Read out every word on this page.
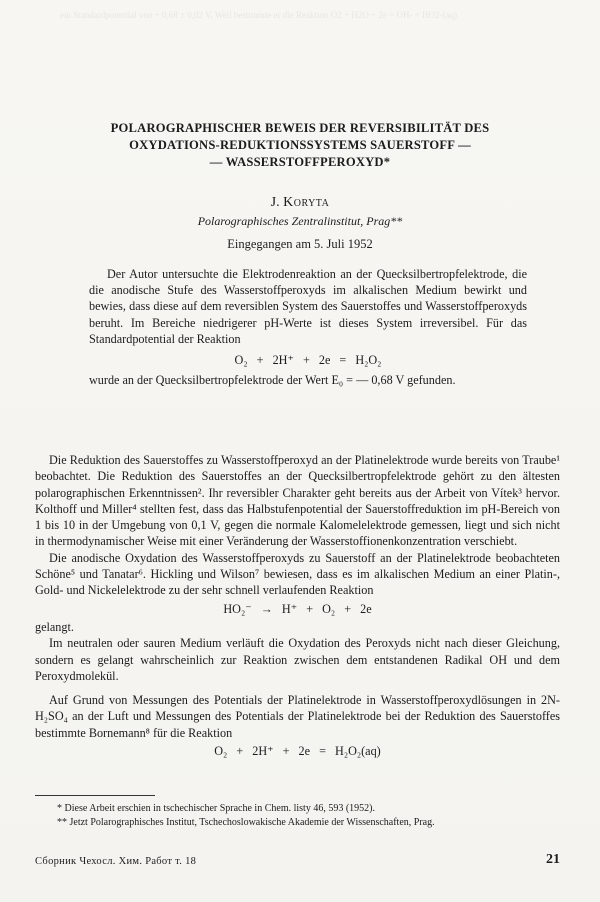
ein Standardpotential von + 0,68 ± 0,02 V. Weil bestimmte er die Reaktion O2 + H2O + 2e = OH- + HO2-(aq)
POLAROGRAPHISCHER BEWEIS DER REVERSIBILITÄT DES
OXYDATIONS-REDUKTIONSSYSTEMS SAUERSTOFF —
— WASSERSTOFFPEROXYD*
J. Koryta
Polarographisches Zentralinstitut, Prag**
Eingegangen am 5. Juli 1952

Der Autor untersuchte die Elektrodenreaktion an der Quecksilbertropfelektrode, die die anodische Stufe des Wasserstoffperoxyds im alkalischen Medium bewirkt und bewies, dass diese auf dem reversiblen System des Sauerstoffes und Wasserstoffperoxyds beruht. Im Bereiche niedrigerer pH-Werte ist dieses System irreversibel. Für das Standardpotential der Reaktion

O₂ + 2H⁺ + 2e = H₂O₂

wurde an der Quecksilbertropfelektrode der Wert E₀ = — 0,68 V gefunden.

Die Reduktion des Sauerstoffes zu Wasserstoffperoxyd an der Platinelektrode wurde bereits von Traube¹ beobachtet. Die Reduktion des Sauerstoffes an der Quecksilbertropfelektrode gehört zu den ältesten polarographischen Erkenntnissen². Ihr reversibler Charakter geht bereits aus der Arbeit von Vítek³ hervor. Kolthoff und Miller⁴ stellten fest, dass das Halbstufenpotential der Sauerstoffreduktion im pH-Bereich von 1 bis 10 in der Umgebung von 0,1 V, gegen die normale Kalomelelektrode gemessen, liegt und sich nicht in thermodynamischer Weise mit einer Veränderung der Wasserstoffionenkonzentration verschiebt.

Die anodische Oxydation des Wasserstoffperoxyds zu Sauerstoff an der Platinelektrode beobachteten Schöne⁵ und Tanatar⁶. Hickling und Wilson⁷ bewiesen, dass es im alkalischen Medium an einer Platin-, Gold- und Nickelelektrode zu der sehr schnell verlaufenden Reaktion

HO₂⁻ → H⁺ + O₂ + 2e

gelangt.

Im neutralen oder sauren Medium verläuft die Oxydation des Peroxyds nicht nach dieser Gleichung, sondern es gelangt wahrscheinlich zur Reaktion zwischen dem entstandenen Radikal OH und dem Peroxydmolekül.

Auf Grund von Messungen des Potentials der Platinelektrode in Wasserstoffperoxydlösungen in 2N-H₂SO₄ an der Luft und Messungen des Potentials der Platinelektrode bei der Reduktion des Sauerstoffes bestimmte Bornemann⁸ für die Reaktion

O₂ + 2H⁺ + 2e = H₂O₂(aq)
* Diese Arbeit erschien in tschechischer Sprache in Chem. listy 46, 593 (1952).
** Jetzt Polarographisches Institut, Tschechoslowakische Akademie der Wissenschaften, Prag.
Сборник Чехосл. Хим. Работ т. 18	21
